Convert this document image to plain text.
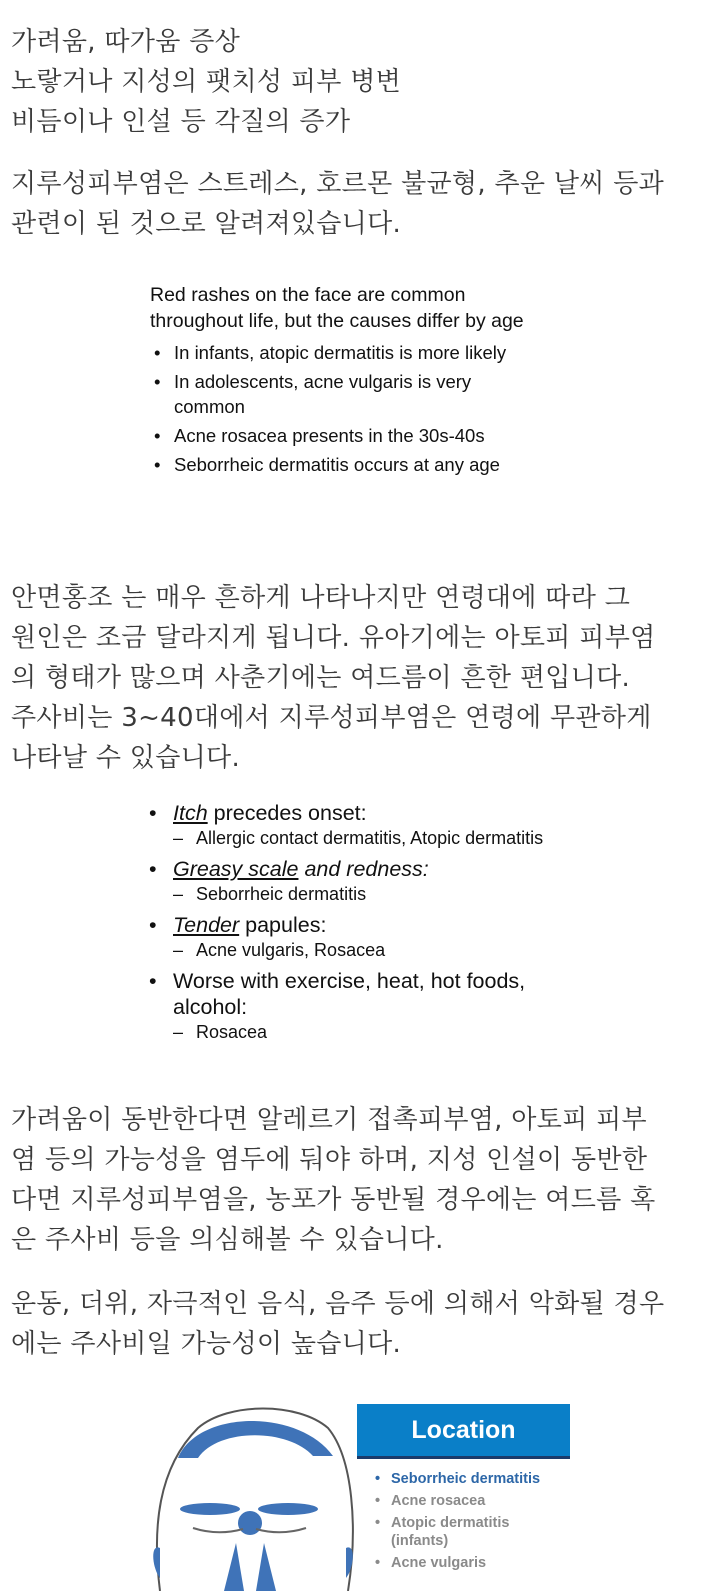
가려움, 따가움 증상
노랗거나 지성의 팻치성 피부 병변
비듬이나 인설 등 각질의 증가
지루성피부염은 스트레스, 호르몬 불균형, 추운 날씨 등과
관련이 된 것으로 알려져있습니다.
Red rashes on the face are common
throughout life, but the causes differ by age
• In infants, atopic dermatitis is more likely
• In adolescents, acne vulgaris is very common
• Acne rosacea presents in the 30s-40s
• Seborrheic dermatitis occurs at any age
안면홍조 는 매우 흔하게 나타나지만 연령대에 따라 그
원인은 조금 달라지게 됩니다. 유아기에는 아토피 피부염
의 형태가 많으며 사춘기에는 여드름이 흔한 편입니다.
주사비는 3~40대에서 지루성피부염은 연령에 무관하게
나타날 수 있습니다.
• Itch precedes onset:
– Allergic contact dermatitis, Atopic dermatitis
• Greasy scale and redness:
– Seborrheic dermatitis
• Tender papules:
– Acne vulgaris, Rosacea
• Worse with exercise, heat, hot foods,
alcohol:
– Rosacea
가려움이 동반한다면 알레르기 접촉피부염, 아토피 피부
염 등의 가능성을 염두에 둬야 하며, 지성 인설이 동반한
다면 지루성피부염을, 농포가 동반될 경우에는 여드름 혹
은 주사비 등을 의심해볼 수 있습니다.
운동, 더위, 자극적인 음식, 음주 등에 의해서 악화될 경우
에는 주사비일 가능성이 높습니다.
Location
• Seborrheic dermatitis
• Acne rosacea
• Atopic dermatitis
(infants)
• Acne vulgaris
